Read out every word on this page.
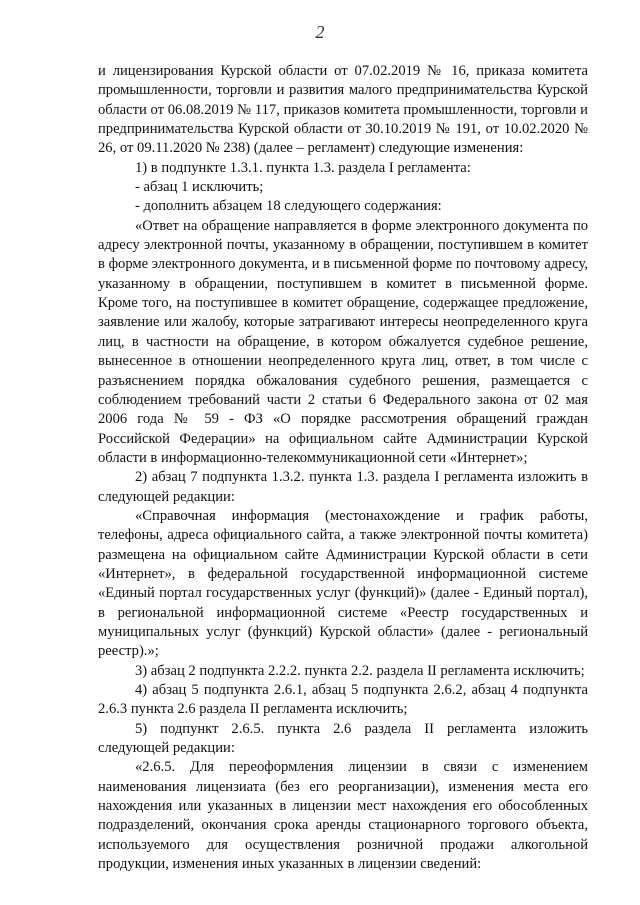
2

и лицензирования Курской области от 07.02.2019 № 16, приказа комитета промышленности, торговли и развития малого предпринимательства Курской области от 06.08.2019 № 117, приказов комитета промышленности, торговли и предпринимательства Курской области от 30.10.2019 № 191, от 10.02.2020 № 26, от 09.11.2020 № 238) (далее – регламент) следующие изменения:

1) в подпункте 1.3.1. пункта 1.3. раздела I регламента:

- абзац 1 исключить;

- дополнить абзацем 18 следующего содержания:

«Ответ на обращение направляется в форме электронного документа по адресу электронной почты, указанному в обращении, поступившем в комитет в форме электронного документа, и в письменной форме по почтовому адресу, указанному в обращении, поступившем в комитет в письменной форме. Кроме того, на поступившее в комитет обращение, содержащее предложение, заявление или жалобу, которые затрагивают интересы неопределенного круга лиц, в частности на обращение, в котором обжалуется судебное решение, вынесенное в отношении неопределенного круга лиц, ответ, в том числе с разъяснением порядка обжалования судебного решения, размещается с соблюдением требований части 2 статьи 6 Федерального закона от 02 мая 2006 года № 59 - ФЗ «О порядке рассмотрения обращений граждан Российской Федерации» на официальном сайте Администрации Курской области в информационно-телекоммуникационной сети «Интернет»;

2) абзац 7 подпункта 1.3.2. пункта 1.3. раздела I регламента изложить в следующей редакции:

«Справочная информация (местонахождение и график работы, телефоны, адреса официального сайта, а также электронной почты комитета) размещена на официальном сайте Администрации Курской области в сети «Интернет», в федеральной государственной информационной системе «Единый портал государственных услуг (функций)» (далее - Единый портал), в региональной информационной системе «Реестр государственных и муниципальных услуг (функций) Курской области» (далее - региональный реестр).»;

3) абзац 2 подпункта 2.2.2. пункта 2.2. раздела II регламента исключить;

4) абзац 5 подпункта 2.6.1, абзац 5 подпункта 2.6.2, абзац 4 подпункта 2.6.3 пункта 2.6 раздела II регламента исключить;

5) подпункт 2.6.5. пункта 2.6 раздела II регламента изложить следующей редакции:

«2.6.5. Для переоформления лицензии в связи с изменением наименования лицензиата (без его реорганизации), изменения места его нахождения или указанных в лицензии мест нахождения его обособленных подразделений, окончания срока аренды стационарного торгового объекта, используемого для осуществления розничной продажи алкогольной продукции, изменения иных указанных в лицензии сведений:
